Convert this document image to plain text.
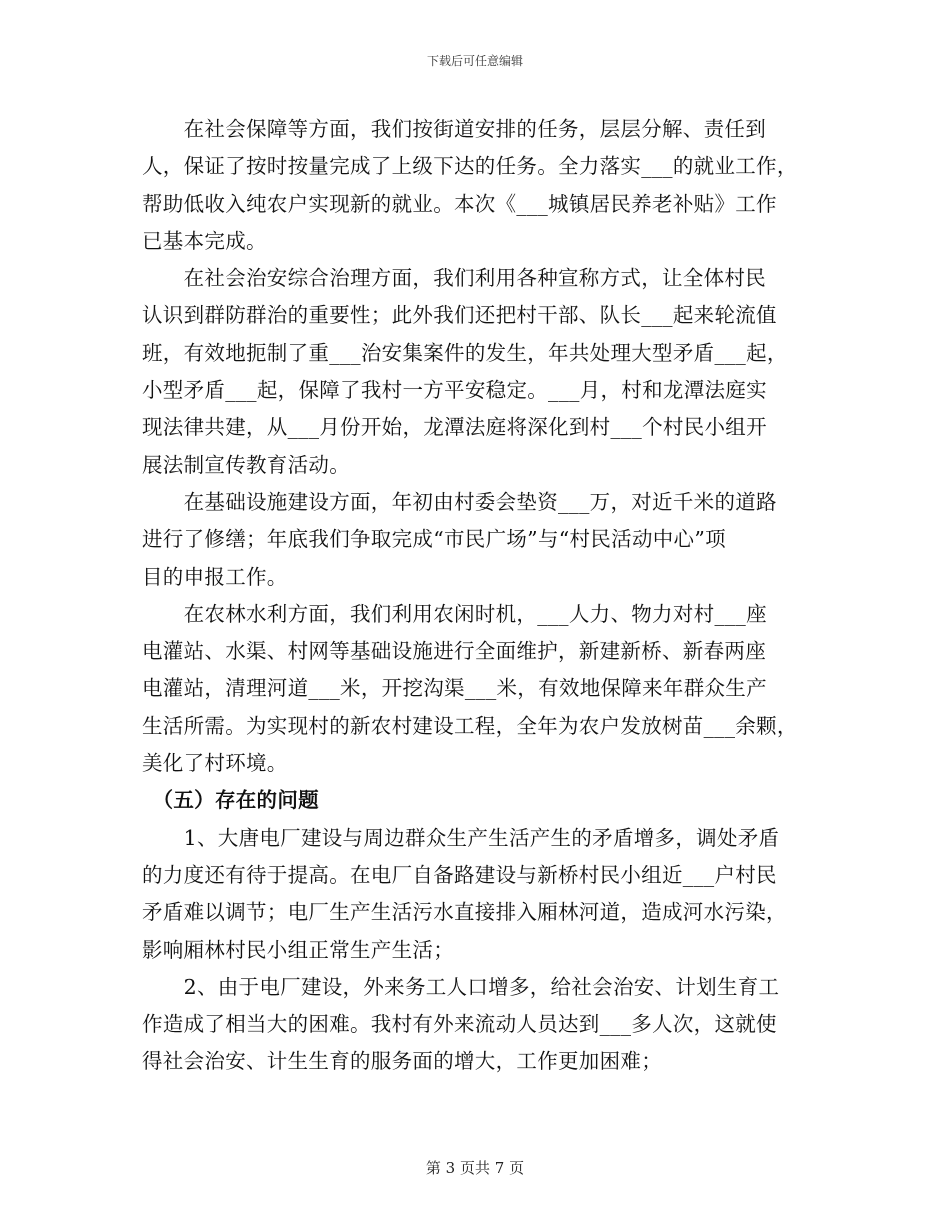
下载后可任意编辑
　　在社会保障等方面，我们按街道安排的任务，层层分解、责任到
人，保证了按时按量完成了上级下达的任务。全力落实___的就业工作，
帮助低收入纯农户实现新的就业。本次《___城镇居民养老补贴》工作
已基本完成。
　　在社会治安综合治理方面，我们利用各种宣称方式，让全体村民
认识到群防群治的重要性；此外我们还把村干部、队长___起来轮流值
班，有效地扼制了重___治安集案件的发生，年共处理大型矛盾___起，
小型矛盾___起，保障了我村一方平安稳定。___月，村和龙潭法庭实
现法律共建，从___月份开始，龙潭法庭将深化到村___个村民小组开
展法制宣传教育活动。
　　在基础设施建设方面，年初由村委会垫资___万，对近千米的道路
进行了修缮；年底我们争取完成“市民广场”与“村民活动中心”项
目的申报工作。
　　在农林水利方面，我们利用农闲时机，___人力、物力对村___座
电灌站、水渠、村网等基础设施进行全面维护，新建新桥、新春两座
电灌站，清理河道___米，开挖沟渠___米，有效地保障来年群众生产
生活所需。为实现村的新农村建设工程，全年为农户发放树苗___余颗，
美化了村环境。
　（五）存在的问题
　　1、大唐电厂建设与周边群众生产生活产生的矛盾增多，调处矛盾
的力度还有待于提高。在电厂自备路建设与新桥村民小组近___户村民
矛盾难以调节；电厂生产生活污水直接排入厢林河道，造成河水污染，
影响厢林村民小组正常生产生活；
　　2、由于电厂建设，外来务工人口增多，给社会治安、计划生育工
作造成了相当大的困难。我村有外来流动人员达到___多人次，这就使
得社会治安、计生生育的服务面的增大，工作更加困难；
第 3 页共 7 页
